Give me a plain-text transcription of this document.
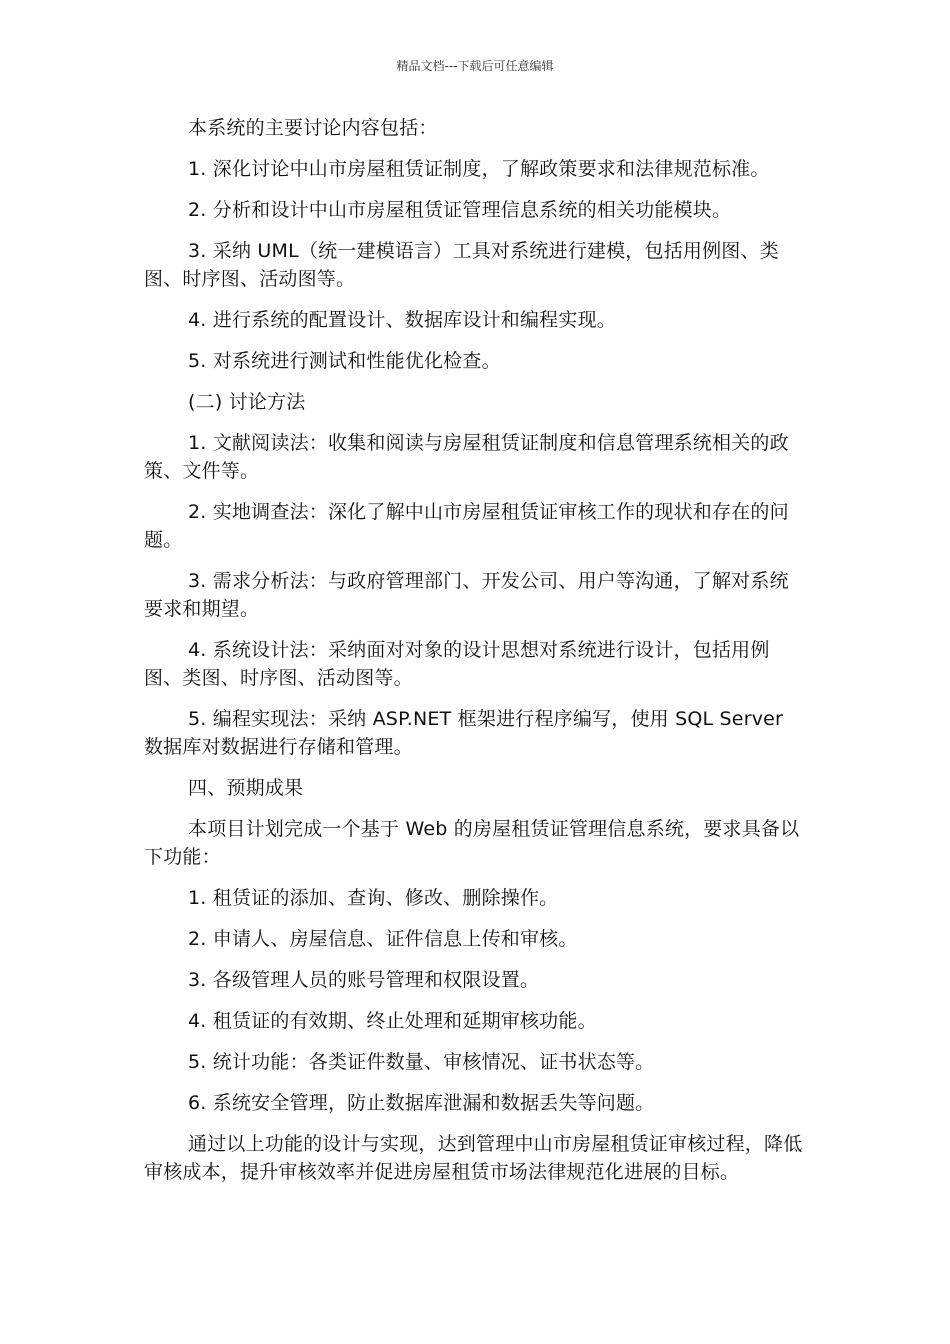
精品文档---下载后可任意编辑

本系统的主要讨论内容包括：

1. 深化讨论中山市房屋租赁证制度，了解政策要求和法律规范标准。

2. 分析和设计中山市房屋租赁证管理信息系统的相关功能模块。

3. 采纳 UML（统一建模语言）工具对系统进行建模，包括用例图、类图、时序图、活动图等。

4. 进行系统的配置设计、数据库设计和编程实现。

5. 对系统进行测试和性能优化检查。

(二) 讨论方法

1. 文献阅读法：收集和阅读与房屋租赁证制度和信息管理系统相关的政策、文件等。

2. 实地调查法：深化了解中山市房屋租赁证审核工作的现状和存在的问题。

3. 需求分析法：与政府管理部门、开发公司、用户等沟通，了解对系统要求和期望。

4. 系统设计法：采纳面对对象的设计思想对系统进行设计，包括用例图、类图、时序图、活动图等。

5. 编程实现法：采纳 ASP.NET 框架进行程序编写，使用 SQL Server 数据库对数据进行存储和管理。

四、预期成果

本项目计划完成一个基于 Web 的房屋租赁证管理信息系统，要求具备以下功能：

1. 租赁证的添加、查询、修改、删除操作。

2. 申请人、房屋信息、证件信息上传和审核。

3. 各级管理人员的账号管理和权限设置。

4. 租赁证的有效期、终止处理和延期审核功能。

5. 统计功能：各类证件数量、审核情况、证书状态等。

6. 系统安全管理，防止数据库泄漏和数据丢失等问题。

通过以上功能的设计与实现，达到管理中山市房屋租赁证审核过程，降低审核成本，提升审核效率并促进房屋租赁市场法律规范化进展的目标。
